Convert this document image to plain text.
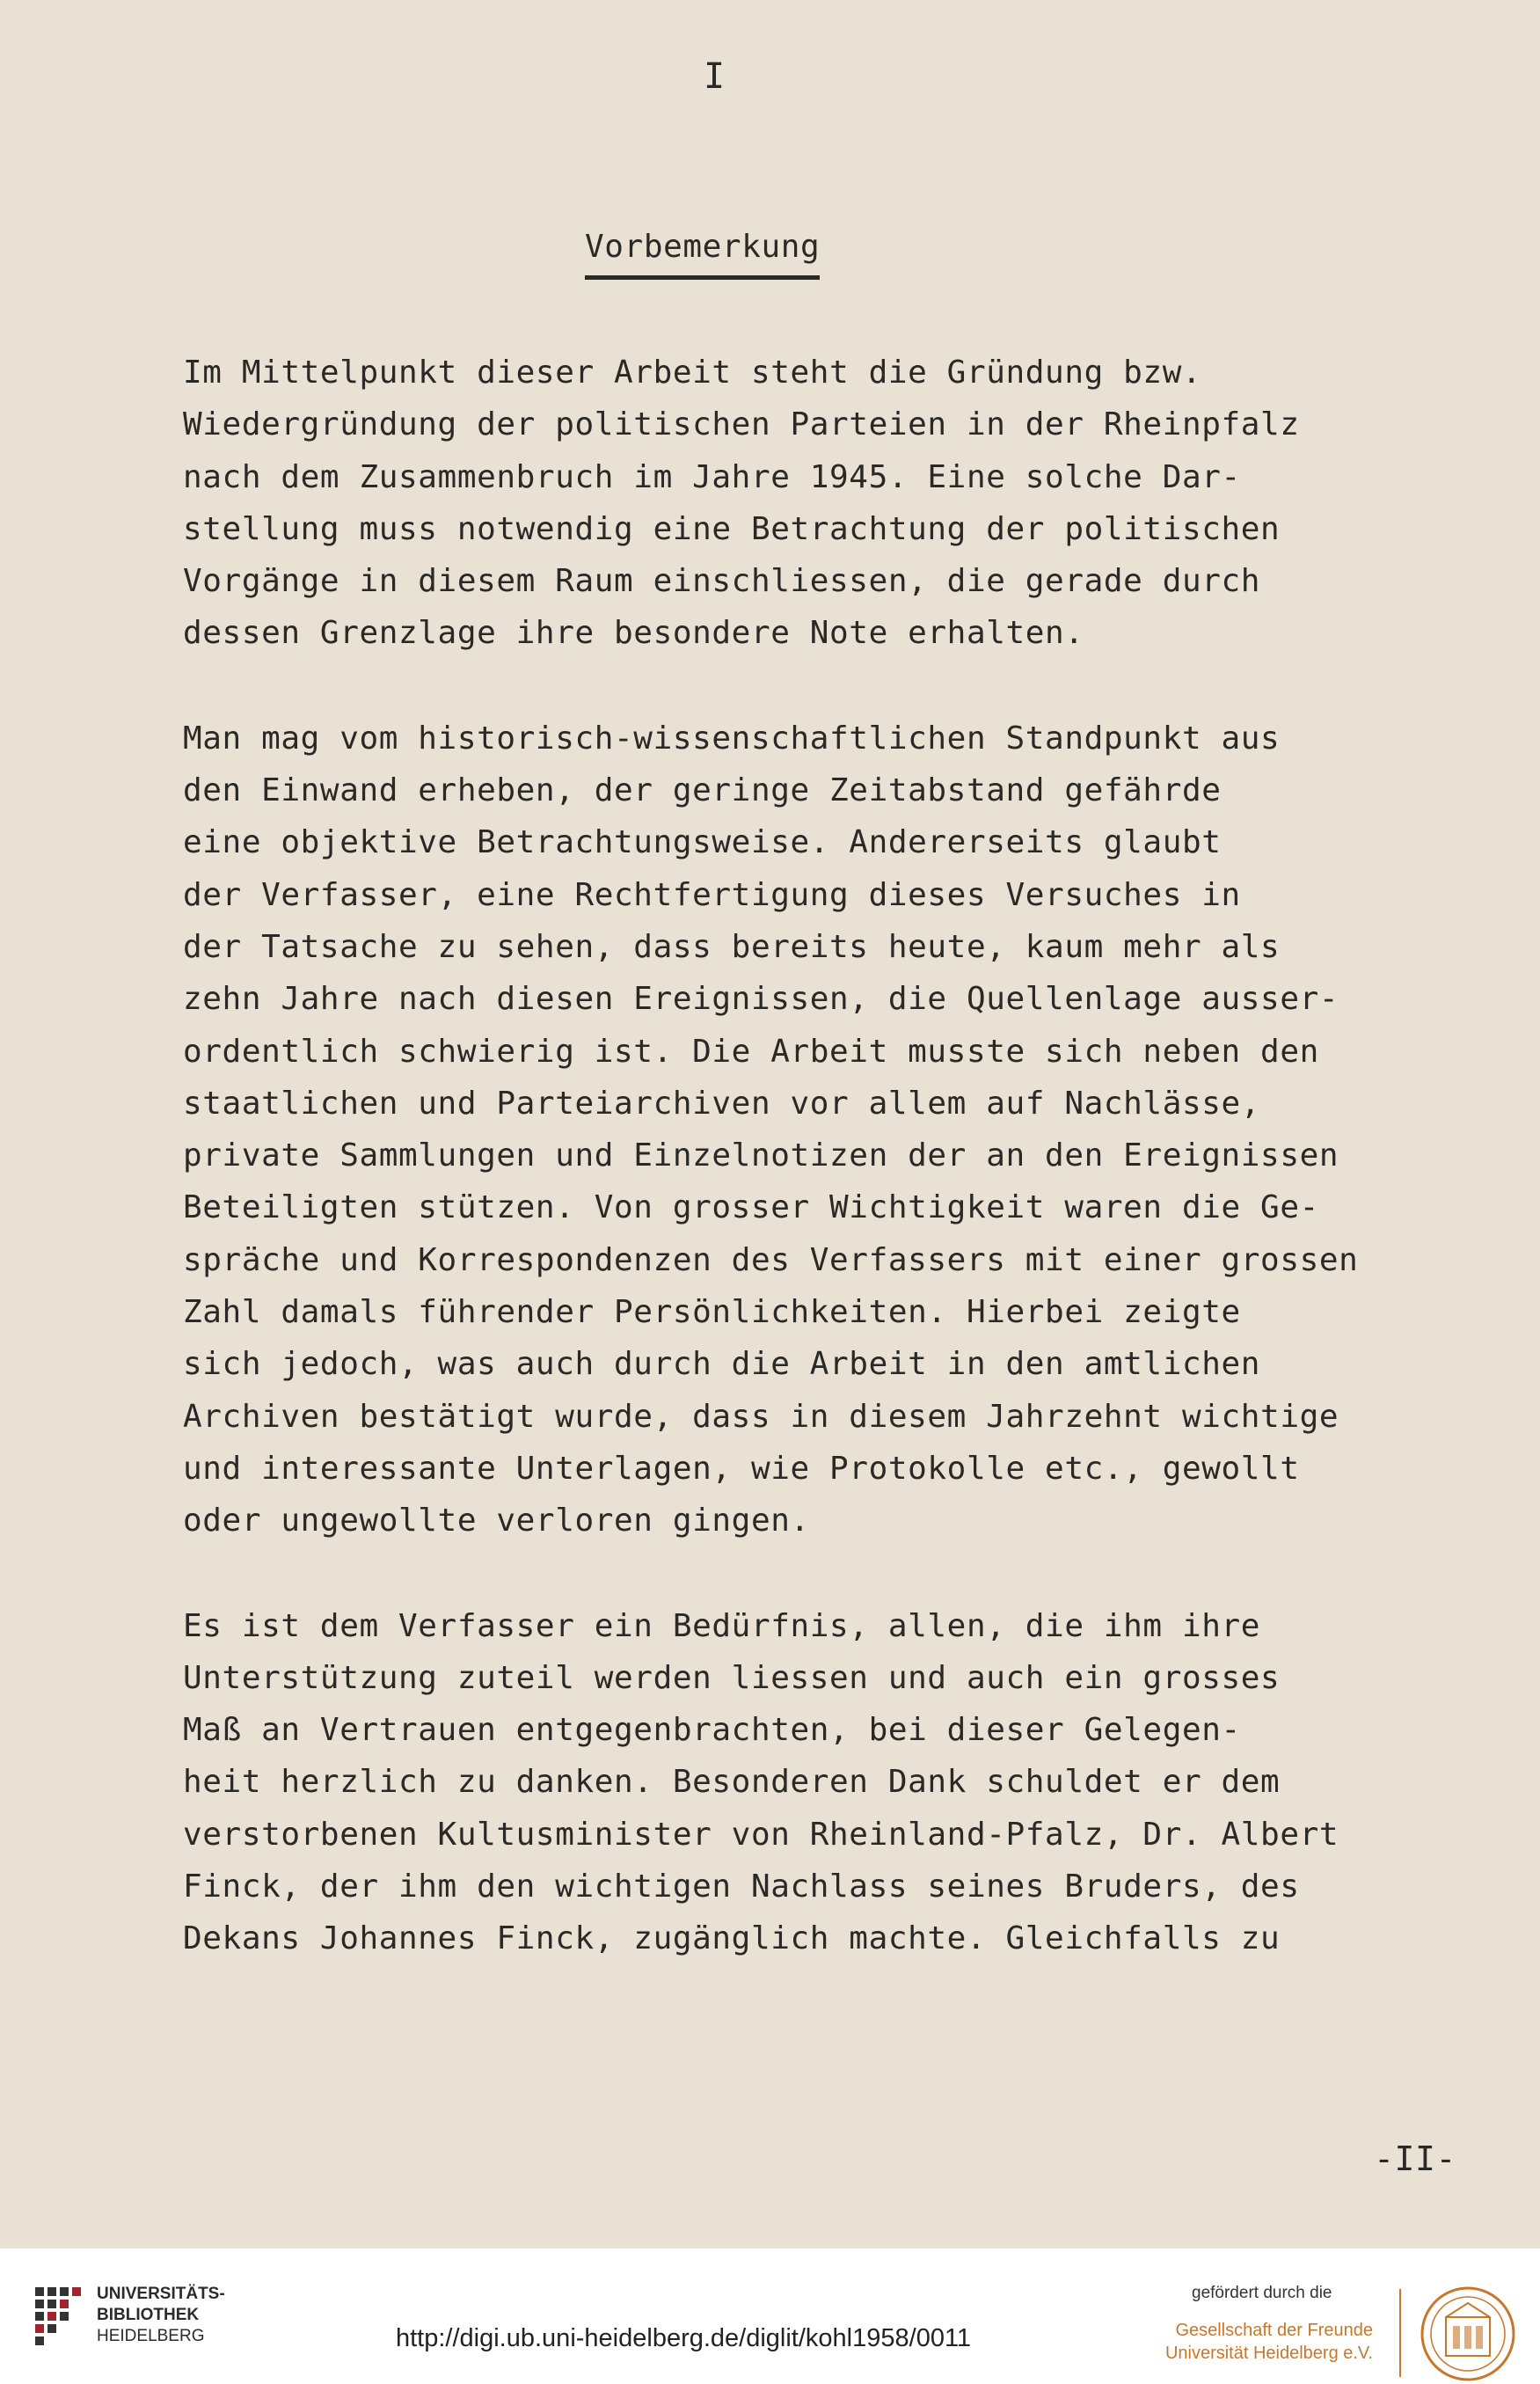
I
Vorbemerkung
Im Mittelpunkt dieser Arbeit steht die Gründung bzw.
Wiedergründung der politischen Parteien in der Rheinpfalz
nach dem Zusammenbruch im Jahre 1945. Eine solche Dar-
stellung muss notwendig eine Betrachtung der politischen
Vorgänge in diesem Raum einschliessen, die gerade durch
dessen Grenzlage ihre besondere Note erhalten.
Man mag vom historisch-wissenschaftlichen Standpunkt aus
den Einwand erheben, der geringe Zeitabstand gefährde
eine objektive Betrachtungsweise. Andererseits glaubt
der Verfasser, eine Rechtfertigung dieses Versuches in
der Tatsache zu sehen, dass bereits heute, kaum mehr als
zehn Jahre nach diesen Ereignissen, die Quellenlage ausser-
ordentlich schwierig ist. Die Arbeit musste sich neben den
staatlichen und Parteiarchiven vor allem auf Nachlässe,
private Sammlungen und Einzelnotizen der an den Ereignissen
Beteiligten stützen. Von grosser Wichtigkeit waren die Ge-
spräche und Korrespondenzen des Verfassers mit einer grossen
Zahl damals führender Persönlichkeiten. Hierbei zeigte
sich jedoch, was auch durch die Arbeit in den amtlichen
Archiven bestätigt wurde, dass in diesem Jahrzehnt wichtige
und interessante Unterlagen, wie Protokolle etc., gewollt
oder ungewollte verloren gingen.
Es ist dem Verfasser ein Bedürfnis, allen, die ihm ihre
Unterstützung zuteil werden liessen und auch ein grosses
Maß an Vertrauen entgegenbrachten, bei dieser Gelegen-
heit herzlich zu danken. Besonderen Dank schuldet er dem
verstorbenen Kultusminister von Rheinland-Pfalz, Dr. Albert
Finck, der ihm den wichtigen Nachlass seines Bruders, des
Dekans Johannes Finck, zugänglich machte. Gleichfalls zu
-II-
UNIVERSITÄTS-
BIBLIOTHEK
HEIDELBERG	http://digi.ub.uni-heidelberg.de/diglit/kohl1958/0011
gefördert durch die
Gesellschaft der Freunde
Universität Heidelberg e.V.
